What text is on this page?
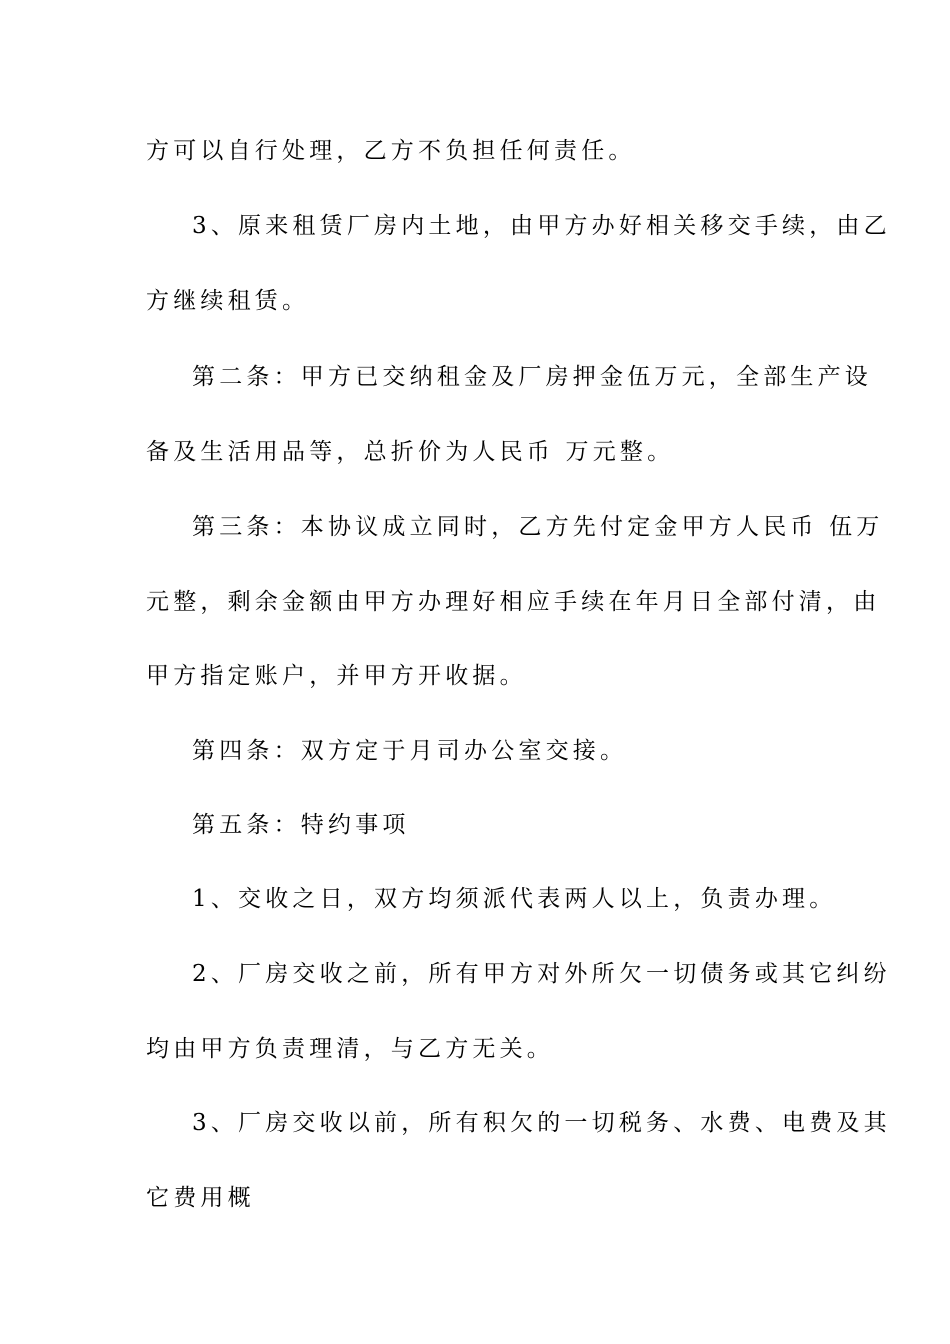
方可以自行处理，乙方不负担任何责任。
3、原来租赁厂房内土地，由甲方办好相关移交手续，由乙
方继续租赁。
第二条：甲方已交纳租金及厂房押金伍万元，全部生产设
备及生活用品等，总折价为人民币 万元整。
第三条：本协议成立同时，乙方先付定金甲方人民币 伍万
元整，剩余金额由甲方办理好相应手续在年月日全部付清，由
甲方指定账户，并甲方开收据。
第四条：双方定于月司办公室交接。
第五条：特约事项
1、交收之日，双方均须派代表两人以上，负责办理。
2、厂房交收之前，所有甲方对外所欠一切债务或其它纠纷
均由甲方负责理清，与乙方无关。
3、厂房交收以前，所有积欠的一切税务、水费、电费及其
它费用概
